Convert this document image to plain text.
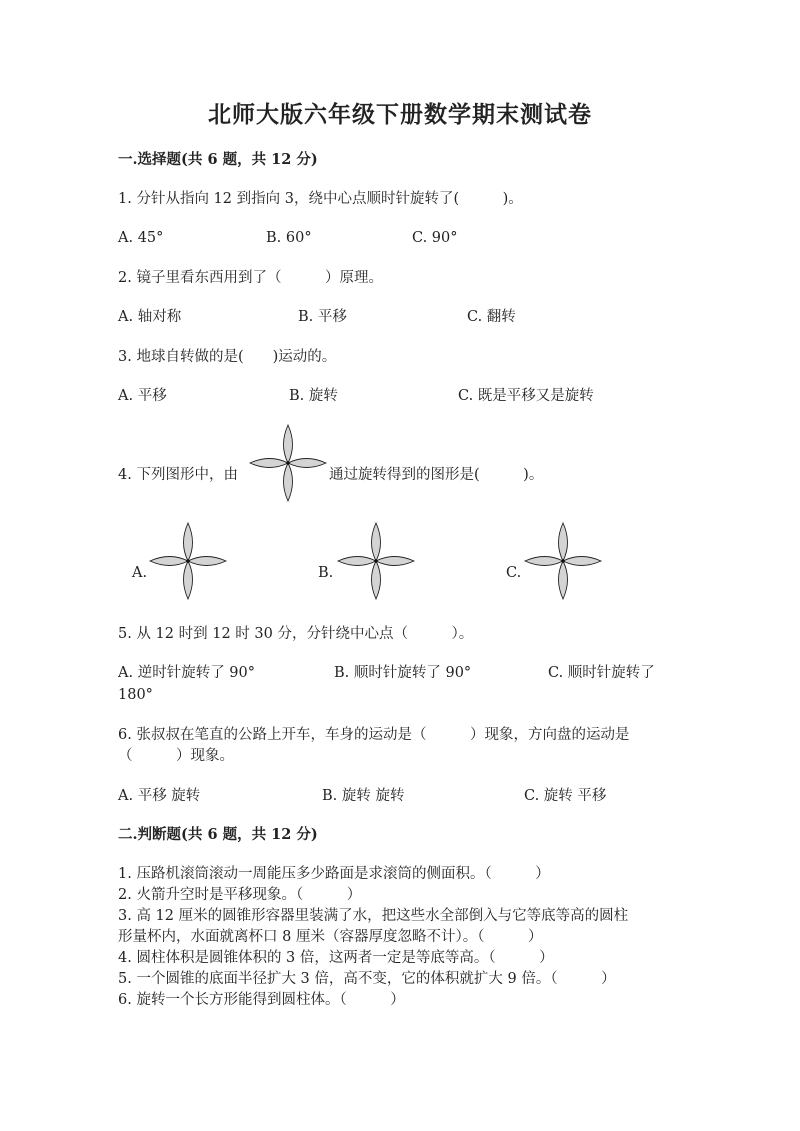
北师大版六年级下册数学期末测试卷
一.选择题(共 6 题，共 12 分)
1. 分针从指向 12 到指向 3，绕中心点顺时针旋转了(　　　)。
A. 45°	B. 60°	C. 90°
2. 镜子里看东西用到了（　　　）原理。
A. 轴对称	B. 平移	C. 翻转
3. 地球自转做的是(　　)运动的。
A. 平移	B. 旋转	C. 既是平移又是旋转
4. 下列图形中，由	通过旋转得到的图形是(　　　)。
A.	B.	C.
5. 从 12 时到 12 时 30 分，分针绕中心点（　　　）。
A. 逆时针旋转了 90°	B. 顺时针旋转了 90°	C. 顺时针旋转了
180°
6. 张叔叔在笔直的公路上开车，车身的运动是（　　　）现象，方向盘的运动是
（　　　）现象。
A. 平移 旋转	B. 旋转 旋转	C. 旋转 平移
二.判断题(共 6 题，共 12 分)
1. 压路机滚筒滚动一周能压多少路面是求滚筒的侧面积。（　　　）
2. 火箭升空时是平移现象。（　　　）
3. 高 12 厘米的圆锥形容器里装满了水，把这些水全部倒入与它等底等高的圆柱
形量杯内，水面就离杯口 8 厘米（容器厚度忽略不计）。（　　　）
4. 圆柱体积是圆锥体积的 3 倍，这两者一定是等底等高。（　　　）
5. 一个圆锥的底面半径扩大 3 倍，高不变，它的体积就扩大 9 倍。（　　　）
6. 旋转一个长方形能得到圆柱体。（　　　）
